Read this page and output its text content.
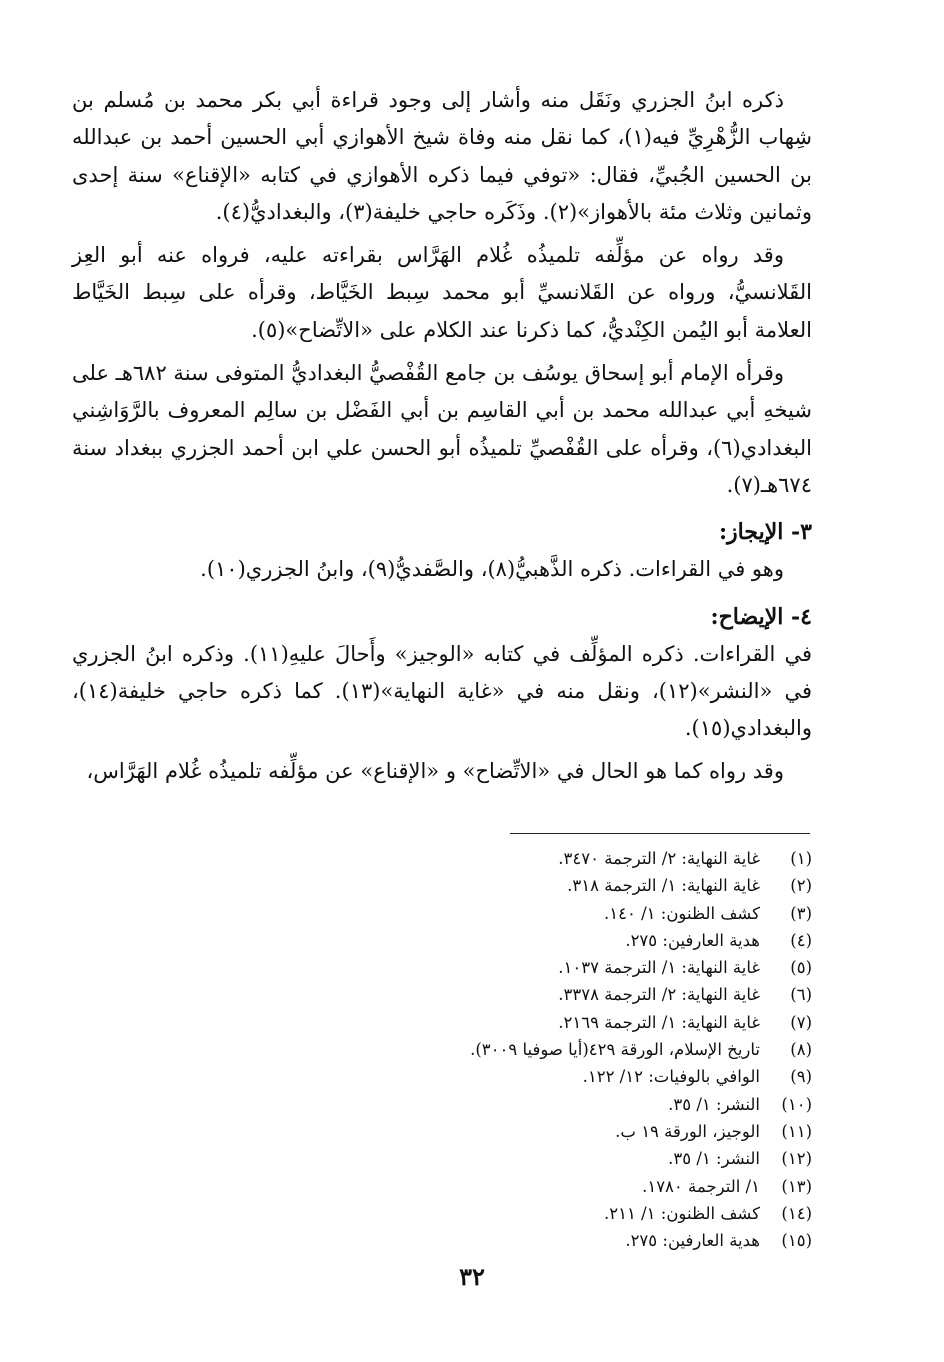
ذكره ابنُ الجزري ونَقَل منه وأشار إلى وجود قراءة أبي بكر محمد بن مُسلم بن شِهاب الزُّهْرِيِّ فيه(١)، كما نقل منه وفاة شيخ الأهوازي أبي الحسين أحمد بن عبدالله بن الحسين الجُبيِّ، فقال: «توفي فيما ذكره الأهوازي في كتابه «الإقناع» سنة إحدى وثمانين وثلاث مئة بالأهواز»(٢). وذَكَره حاجي خليفة(٣)، والبغداديُّ(٤).

وقد رواه عن مؤلِّفه تلميذُه غُلام الهَرَّاس بقراءته عليه، فرواه عنه أبو العِز القَلانسيُّ، ورواه عن القَلانسيِّ أبو محمد سِبط الخَيَّاط، وقرأه على سِبط الخَيَّاط العلامة أبو اليُمن الكِنْديُّ، كما ذكرنا عند الكلام على «الاتِّضاح»(٥).

وقرأه الإمام أبو إسحاق يوسُف بن جامع القُفْصيُّ البغداديُّ المتوفى سنة ٦٨٢هـ على شيخهِ أبي عبدالله محمد بن أبي القاسِم بن أبي الفَضْل بن سالِم المعروف بالرَّوَاشِني البغدادي(٦)، وقرأه على القُفْصيِّ تلميذُه أبو الحسن علي ابن أحمد الجزري ببغداد سنة ٦٧٤هـ(٧).

٣- الإيجاز:

وهو في القراءات. ذكره الذَّهبيُّ(٨)، والصَّفديُّ(٩)، وابنُ الجزري(١٠).

٤- الإيضاح:

في القراءات. ذكره المؤلِّف في كتابه «الوجيز» وأَحالَ عليهِ(١١). وذكره ابنُ الجزري في «النشر»(١٢)، ونقل منه في «غاية النهاية»(١٣). كما ذكره حاجي خليفة(١٤)، والبغدادي(١٥).

وقد رواه كما هو الحال في «الاتِّضاح» و «الإقناع» عن مؤلِّفه تلميذُه غُلام الهَرَّاس،

(١)
غاية النهاية: ٢/ الترجمة ٣٤٧٠.
(٢)
غاية النهاية: ١/ الترجمة ٣١٨.
(٣)
كشف الظنون: ١/ ١٤٠.
(٤)
هدية العارفين: ٢٧٥.
(٥)
غاية النهاية: ١/ الترجمة ١٠٣٧.
(٦)
غاية النهاية: ٢/ الترجمة ٣٣٧٨.
(٧)
غاية النهاية: ١/ الترجمة ٢١٦٩.
(٨)
تاريخ الإسلام، الورقة ٤٢٩(أيا صوفيا ٣٠٠٩).
(٩)
الوافي بالوفيات: ١٢/ ١٢٢.
(١٠)
النشر: ١/ ٣٥.
(١١)
الوجيز، الورقة ١٩ ب.
(١٢)
النشر: ١/ ٣٥.
(١٣)
١/ الترجمة ١٧٨٠.
(١٤)
كشف الظنون: ١/ ٢١١.
(١٥)
هدية العارفين: ٢٧٥.
٣٢
